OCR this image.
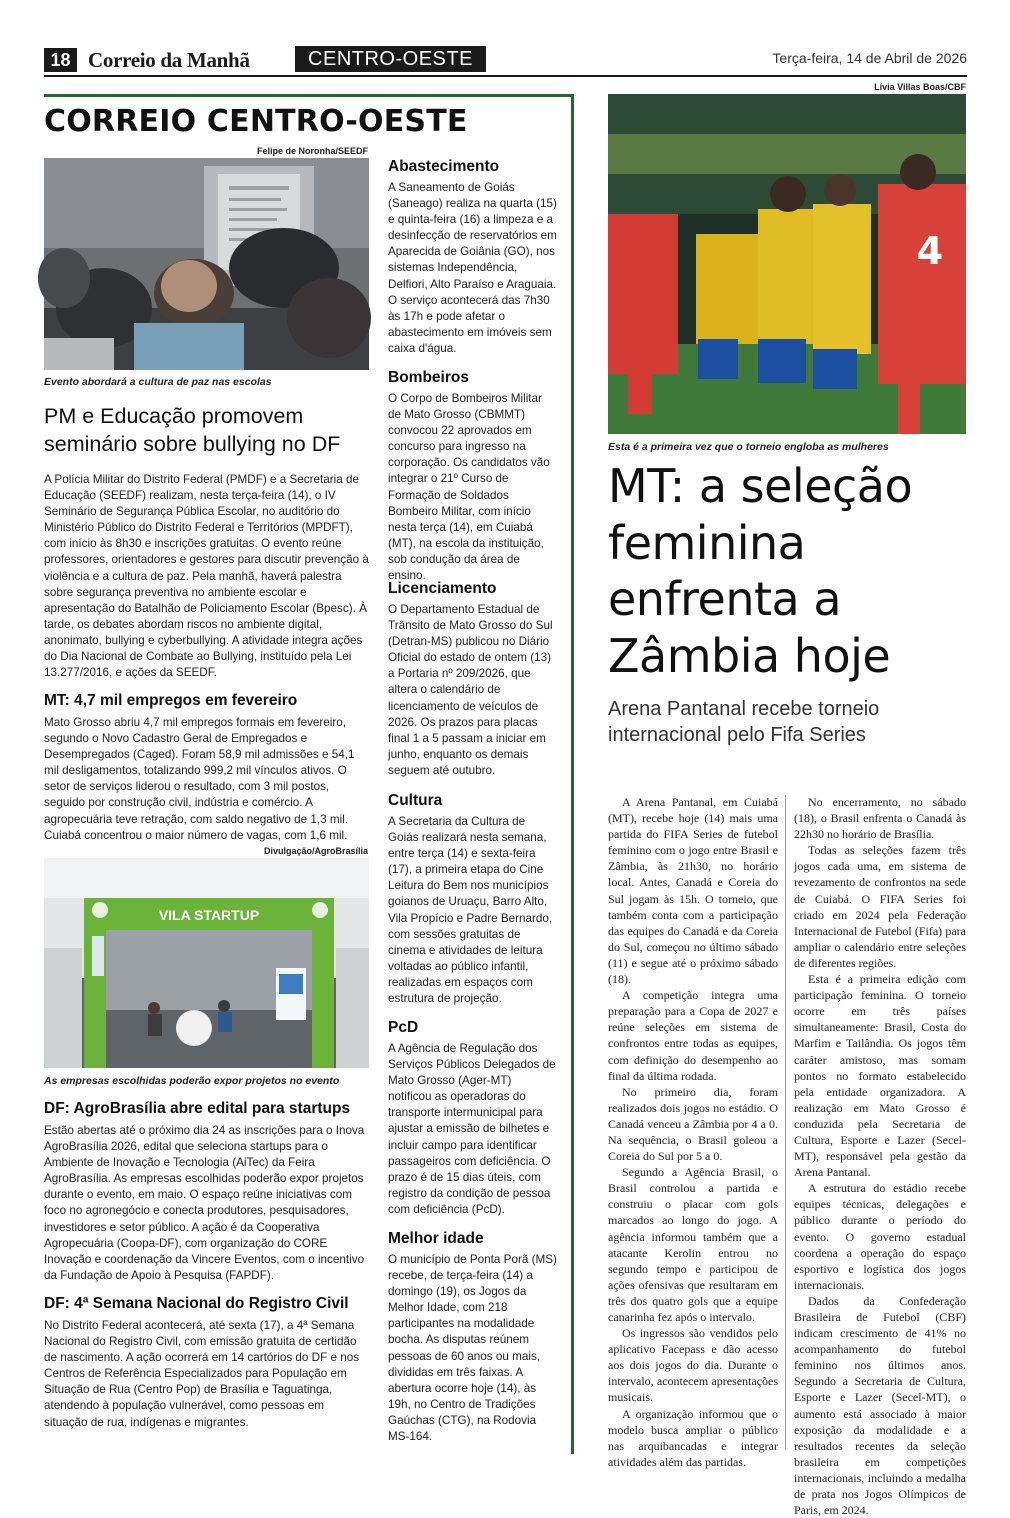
18 Correio da Manhã	CENTRO-OESTE	Terça-feira, 14 de Abril de 2026
CORREIO CENTRO-OESTE
Felipe de Noronha/SEEDF
Evento abordará a cultura de paz nas escolas
PM e Educação promovem seminário sobre bullying no DF
A Polícia Militar do Distrito Federal (PMDF) e a Secretaria de Educação (SEEDF) realizam, nesta terça-feira (14), o IV Seminário de Segurança Pública Escolar, no auditório do Ministério Público do Distrito Federal e Territórios (MPDFT), com início às 8h30 e inscrições gratuitas. O evento reúne professores, orientadores e gestores para discutir prevenção à violência e a cultura de paz. Pela manhã, haverá palestra sobre segurança preventiva no ambiente escolar e apresentação do Batalhão de Policiamento Escolar (Bpesc). À tarde, os debates abordam riscos no ambiente digital, anonimato, bullying e cyberbullying. A atividade integra ações do Dia Nacional de Combate ao Bullying, instituído pela Lei 13.277/2016, e ações da SEEDF.
MT: 4,7 mil empregos em fevereiro
Mato Grosso abriu 4,7 mil empregos formais em fevereiro, segundo o Novo Cadastro Geral de Empregados e Desempregados (Caged). Foram 58,9 mil admissões e 54,1 mil desligamentos, totalizando 999,2 mil vínculos ativos. O setor de serviços liderou o resultado, com 3 mil postos, seguido por construção civil, indústria e comércio. A agropecuária teve retração, com saldo negativo de 1,3 mil. Cuiabá concentrou o maior número de vagas, com 1,6 mil.
Divulgação/AgroBrasília
VILA STARTUP
As empresas escolhidas poderão expor projetos no evento
DF: AgroBrasília abre edital para startups
Estão abertas até o próximo dia 24 as inscrições para o Inova AgroBrasília 2026, edital que seleciona startups para o Ambiente de Inovação e Tecnologia (AiTec) da Feira AgroBrasília. As empresas escolhidas poderão expor projetos durante o evento, em maio. O espaço reúne iniciativas com foco no agronegócio e conecta produtores, pesquisadores, investidores e setor público. A ação é da Cooperativa Agropecuária (Coopa-DF), com organização do CORE Inovação e coordenação da Vincere Eventos, com o incentivo da Fundação de Apoio à Pesquisa (FAPDF).
DF: 4ª Semana Nacional do Registro Civil
No Distrito Federal acontecerá, até sexta (17), a 4ª Semana Nacional do Registro Civil, com emissão gratuita de certidão de nascimento. A ação ocorrerá em 14 cartórios do DF e nos Centros de Referência Especializados para População em Situação de Rua (Centro Pop) de Brasília e Taguatinga, atendendo à população vulnerável, como pessoas em situação de rua, indígenas e migrantes.
Abastecimento
A Saneamento de Goiás (Saneago) realiza na quarta (15) e quinta-feira (16) a limpeza e a desinfecção de reservatórios em Aparecida de Goiânia (GO), nos sistemas Independência, Delfiori, Alto Paraíso e Araguaia. O serviço acontecerá das 7h30 às 17h e pode afetar o abastecimento em imóveis sem caixa d'água.
Bombeiros
O Corpo de Bombeiros Militar de Mato Grosso (CBMMT) convocou 22 aprovados em concurso para ingresso na corporação. Os candidatos vão integrar o 21º Curso de Formação de Soldados Bombeiro Militar, com início nesta terça (14), em Cuiabá (MT), na escola da instituição, sob condução da área de ensino.
Licenciamento
O Departamento Estadual de Trânsito de Mato Grosso do Sul (Detran-MS) publicou no Diário Oficial do estado de ontem (13) a Portaria nº 209/2026, que altera o calendário de licenciamento de veículos de 2026. Os prazos para placas final 1 a 5 passam a iniciar em junho, enquanto os demais seguem até outubro.
Cultura
A Secretaria da Cultura de Goiás realizará nesta semana, entre terça (14) e sexta-feira (17), a primeira etapa do Cine Leitura do Bem nos municípios goianos de Uruaçu, Barro Alto, Vila Propício e Padre Bernardo, com sessões gratuitas de cinema e atividades de leitura voltadas ao público infantil, realizadas em espaços com estrutura de projeção.
PcD
A Agência de Regulação dos Serviços Públicos Delegados de Mato Grosso (Ager-MT) notificou as operadoras do transporte intermunicipal para ajustar a emissão de bilhetes e incluir campo para identificar passageiros com deficiência. O prazo é de 15 dias úteis, com registro da condição de pessoa com deficiência (PcD).
Melhor idade
O município de Ponta Porã (MS) recebe, de terça-feira (14) a domingo (19), os Jogos da Melhor Idade, com 218 participantes na modalidade bocha. As disputas reúnem pessoas de 60 anos ou mais, divididas em três faixas. A abertura ocorre hoje (14), às 19h, no Centro de Tradições Gaúchas (CTG), na Rodovia MS-164.
Lívia Villas Boas/CBF
4
Esta é a primeira vez que o torneio engloba as mulheres
MT: a seleção feminina enfrenta a Zâmbia hoje
Arena Pantanal recebe torneio internacional pelo Fifa Series

A Arena Pantanal, em Cuiabá (MT), recebe hoje (14) mais uma partida do FIFA Series de futebol feminino com o jogo entre Brasil e Zâmbia, às 21h30, no horário local. Antes, Canadá e Coreia do Sul jogam às 15h. O torneio, que também conta com a participação das equipes do Canadá e da Coreia do Sul, começou no último sábado (11) e segue até o próximo sábado (18).

A competição integra uma preparação para a Copa de 2027 e reúne seleções em sistema de confrontos entre todas as equipes, com definição do desempenho ao final da última rodada.

No primeiro dia, foram realizados dois jogos no estádio. O Canadá venceu a Zâmbia por 4 a 0. Na sequência, o Brasil goleou a Coreia do Sul por 5 a 0.

Segundo a Agência Brasil, o Brasil controlou a partida e construiu o placar com gols marcados ao longo do jogo. A agência informou também que a atacante Kerolin entrou no segundo tempo e participou de ações ofensivas que resultaram em três dos quatro gols que a equipe canarinha fez após o intervalo.

Os ingressos são vendidos pelo aplicativo Facepass e dão acesso aos dois jogos do dia. Durante o intervalo, acontecem apresentações musicais.

A organização informou que o modelo busca ampliar o público nas arquibancadas e integrar atividades além das partidas.

No encerramento, no sábado (18), o Brasil enfrenta o Canadá às 22h30 no horário de Brasília.

Todas as seleções fazem três jogos cada uma, em sistema de revezamento de confrontos na sede de Cuiabá. O FIFA Series foi criado em 2024 pela Federação Internacional de Futebol (Fifa) para ampliar o calendário entre seleções de diferentes regiões.

Esta é a primeira edição com participação feminina. O torneio ocorre em três países simultaneamente: Brasil, Costa do Marfim e Tailândia. Os jogos têm caráter amistoso, mas somam pontos no formato estabelecido pela entidade organizadora. A realização em Mato Grosso é conduzida pela Secretaria de Cultura, Esporte e Lazer (Secel-MT), responsável pela gestão da Arena Pantanal.

A estrutura do estádio recebe equipes técnicas, delegações e público durante o período do evento. O governo estadual coordena a operação do espaço esportivo e logística dos jogos internacionais.

Dados da Confederação Brasileira de Futebol (CBF) indicam crescimento de 41% no acompanhamento do futebol feminino nos últimos anos. Segundo a Secretaria de Cultura, Esporte e Lazer (Secel-MT), o aumento está associado à maior exposição da modalidade e a resultados recentes da seleção brasileira em competições internacionais, incluindo a medalha de prata nos Jogos Olímpicos de Paris, em 2024.
